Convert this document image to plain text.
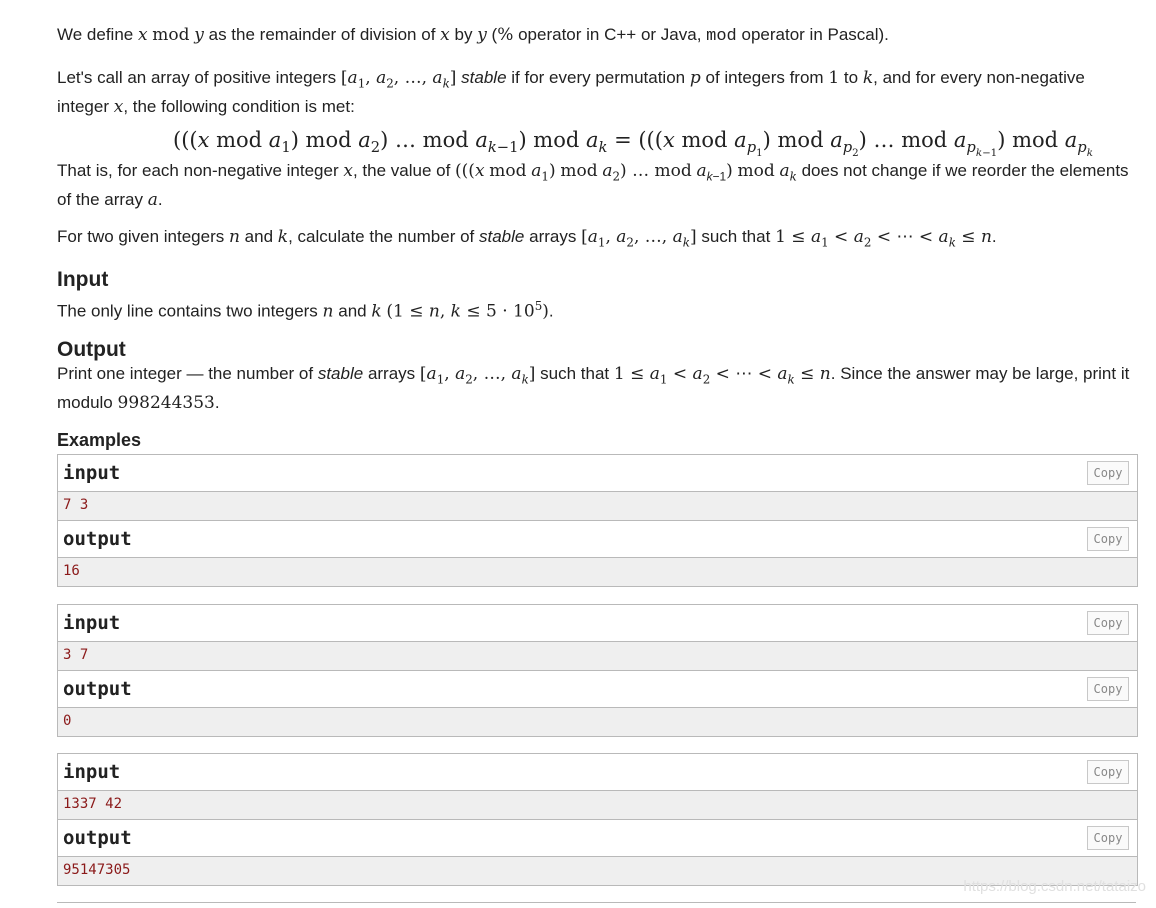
We define x mod y as the remainder of division of x by y (% operator in C++ or Java, mod operator in Pascal).
Let's call an array of positive integers [$a_1$, $a_2$, …, $a_k$] stable if for every permutation p of integers from 1 to k, and for every non-negative integer x, the following condition is met:
(((x mod $a_1$) mod $a_2$) … mod $a_{k-1}$) mod $a_k = (((x$ mod $a_{p_1}$) mod $a_{p_2}$) … mod $a_{p_{k-1}}$) mod $a_{p_k}$
That is, for each non-negative integer x, the value of (((x mod $a_1$) mod $a_2$) … mod $a_{k-1}$) mod $a_k$ does not change if we reorder the elements of the array a.
For two given integers n and k, calculate the number of stable arrays [$a_1$, $a_2$, …, $a_k$] such that $1 \le a_1 < a_2$ < ⋯ < $a_k \le n$.
Input
The only line contains two integers n and k (1 ≤ n, $k \le 5 \cdot 10^5$).
Output
Print one integer — the number of stable arrays [$a_1$, $a_2$, …, $a_k$] such that $1 \le a_1 < a_2$ < ⋯ < $a_k \le n$. Since the answer may be large, print it modulo 998244353.
Examples
input	Copy
7 3
output	Copy
16
input	Copy
3 7
output	Copy
0
input	Copy
1337 42
output	Copy
95147305
https://blog.csdn.net/tataizo
